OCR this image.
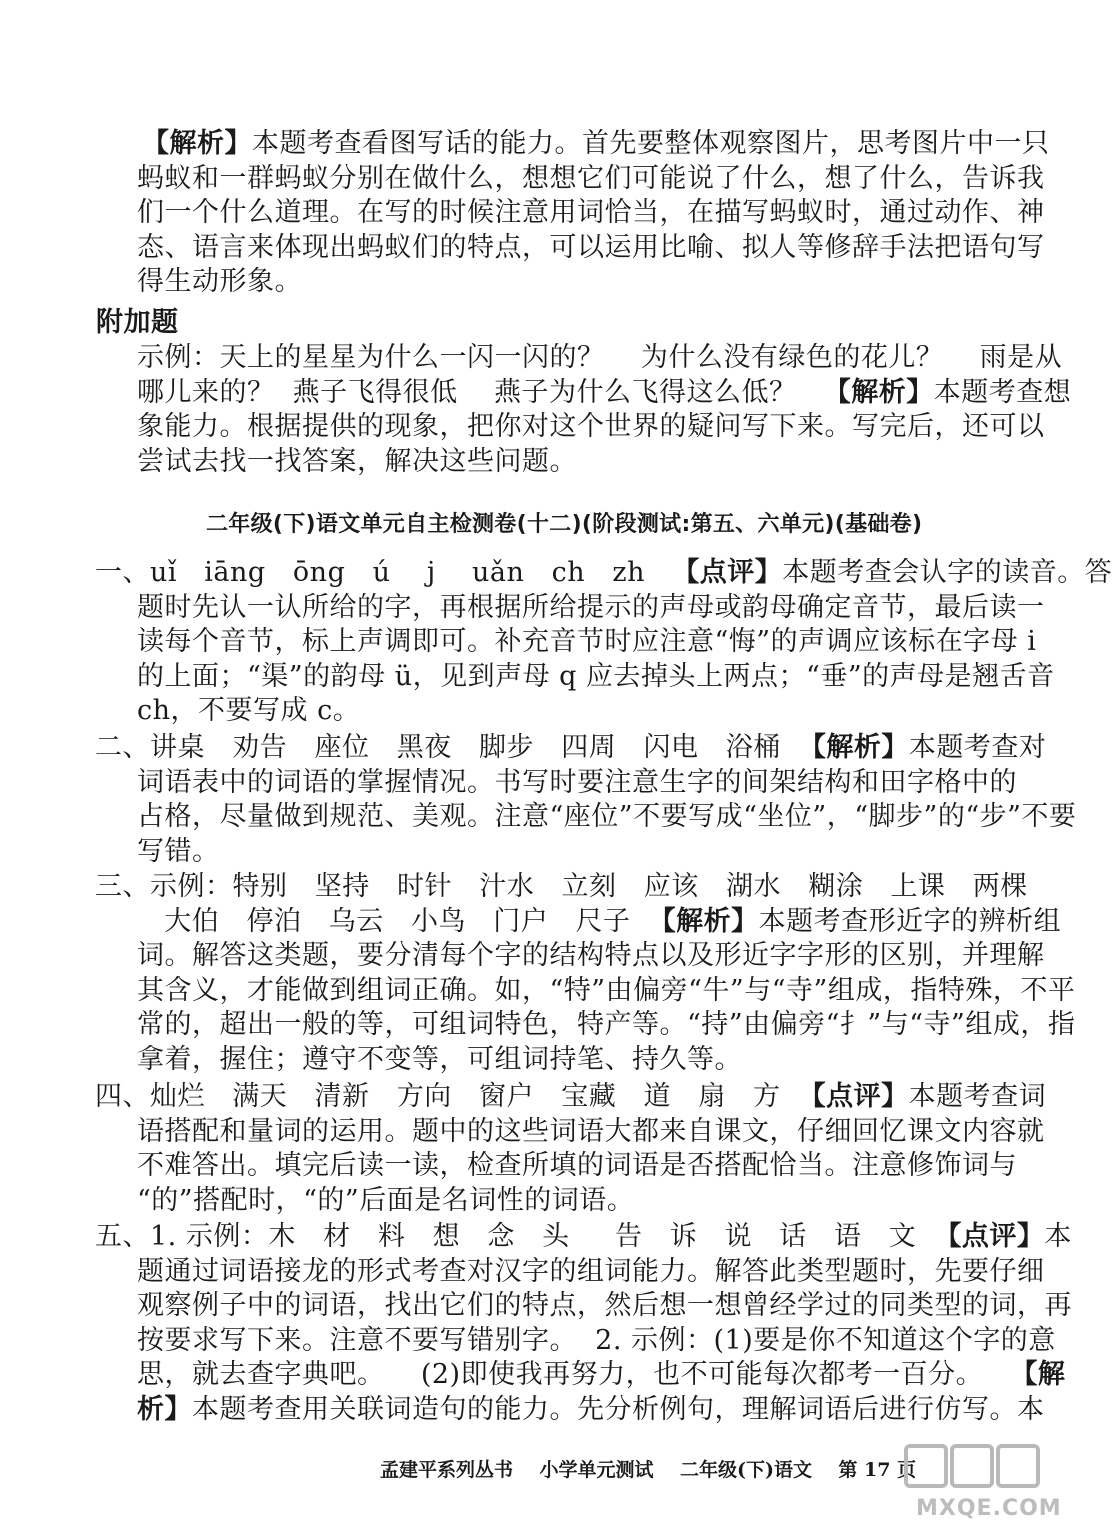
【解析】本题考查看图写话的能力。首先要整体观察图片，思考图片中一只
蚂蚁和一群蚂蚁分别在做什么，想想它们可能说了什么，想了什么，告诉我
们一个什么道理。在写的时候注意用词恰当，在描写蚂蚁时，通过动作、神
态、语言来体现出蚂蚁们的特点，可以运用比喻、拟人等修辞手法把语句写
得生动形象。
附加题
示例：天上的星星为什么一闪一闪的？    为什么没有绿色的花儿？    雨是从
哪儿来的？  燕子飞得很低    燕子为什么飞得这么低？   【解析】本题考查想
象能力。根据提供的现象，把你对这个世界的疑问写下来。写完后，还可以
尝试去找一找答案，解决这些问题。
二年级(下)语文单元自主检测卷(十二)(阶段测试:第五、六单元)(基础卷)
一、uǐ   iāng   ōng   ú    j    uǎn   ch   zh   【点评】本题考查会认字的读音。答
题时先认一认所给的字，再根据所给提示的声母或韵母确定音节，最后读一
读每个音节，标上声调即可。补充音节时应注意“悔”的声调应该标在字母 i
的上面；“渠”的韵母 ü，见到声母 q 应去掉头上两点；“垂”的声母是翘舌音
ch，不要写成 c。
二、讲桌   劝告   座位   黑夜   脚步   四周   闪电   浴桶  【解析】本题考查对
词语表中的词语的掌握情况。书写时要注意生字的间架结构和田字格中的
占格，尽量做到规范、美观。注意“座位”不要写成“坐位”，“脚步”的“步”不要
写错。
三、示例：特别   坚持   时针   汁水   立刻   应该   湖水   糊涂   上课   两棵
大伯   停泊   乌云   小鸟   门户   尺子  【解析】本题考查形近字的辨析组
词。解答这类题，要分清每个字的结构特点以及形近字字形的区别，并理解
其含义，才能做到组词正确。如，“特”由偏旁“牛”与“寺”组成，指特殊，不平
常的，超出一般的等，可组词特色，特产等。“持”由偏旁“扌”与“寺”组成，指
拿着，握住；遵守不变等，可组词持笔、持久等。
四、灿烂   满天   清新   方向   窗户   宝藏   道   扇   方  【点评】本题考查词
语搭配和量词的运用。题中的这些词语大都来自课文，仔细回忆课文内容就
不难答出。填完后读一读，检查所填的词语是否搭配恰当。注意修饰词与
“的”搭配时，“的”后面是名词性的词语。
五、1. 示例：木   材   料   想   念   头     告   诉   说   话   语   文  【点评】本
题通过词语接龙的形式考查对汉字的组词能力。解答此类型题时，先要仔细
观察例子中的词语，找出它们的特点，然后想一想曾经学过的同类型的词，再
按要求写下来。注意不要写错别字。  2. 示例：(1)要是你不知道这个字的意
思，就去查字典吧。    (2)即使我再努力，也不可能每次都考一百分。   【解
析】本题考查用关联词造句的能力。先分析例句，理解词语后进行仿写。本
孟建平系列丛书 小学单元测试 二年级(下)语文 第 17 页
MXQE.COM
